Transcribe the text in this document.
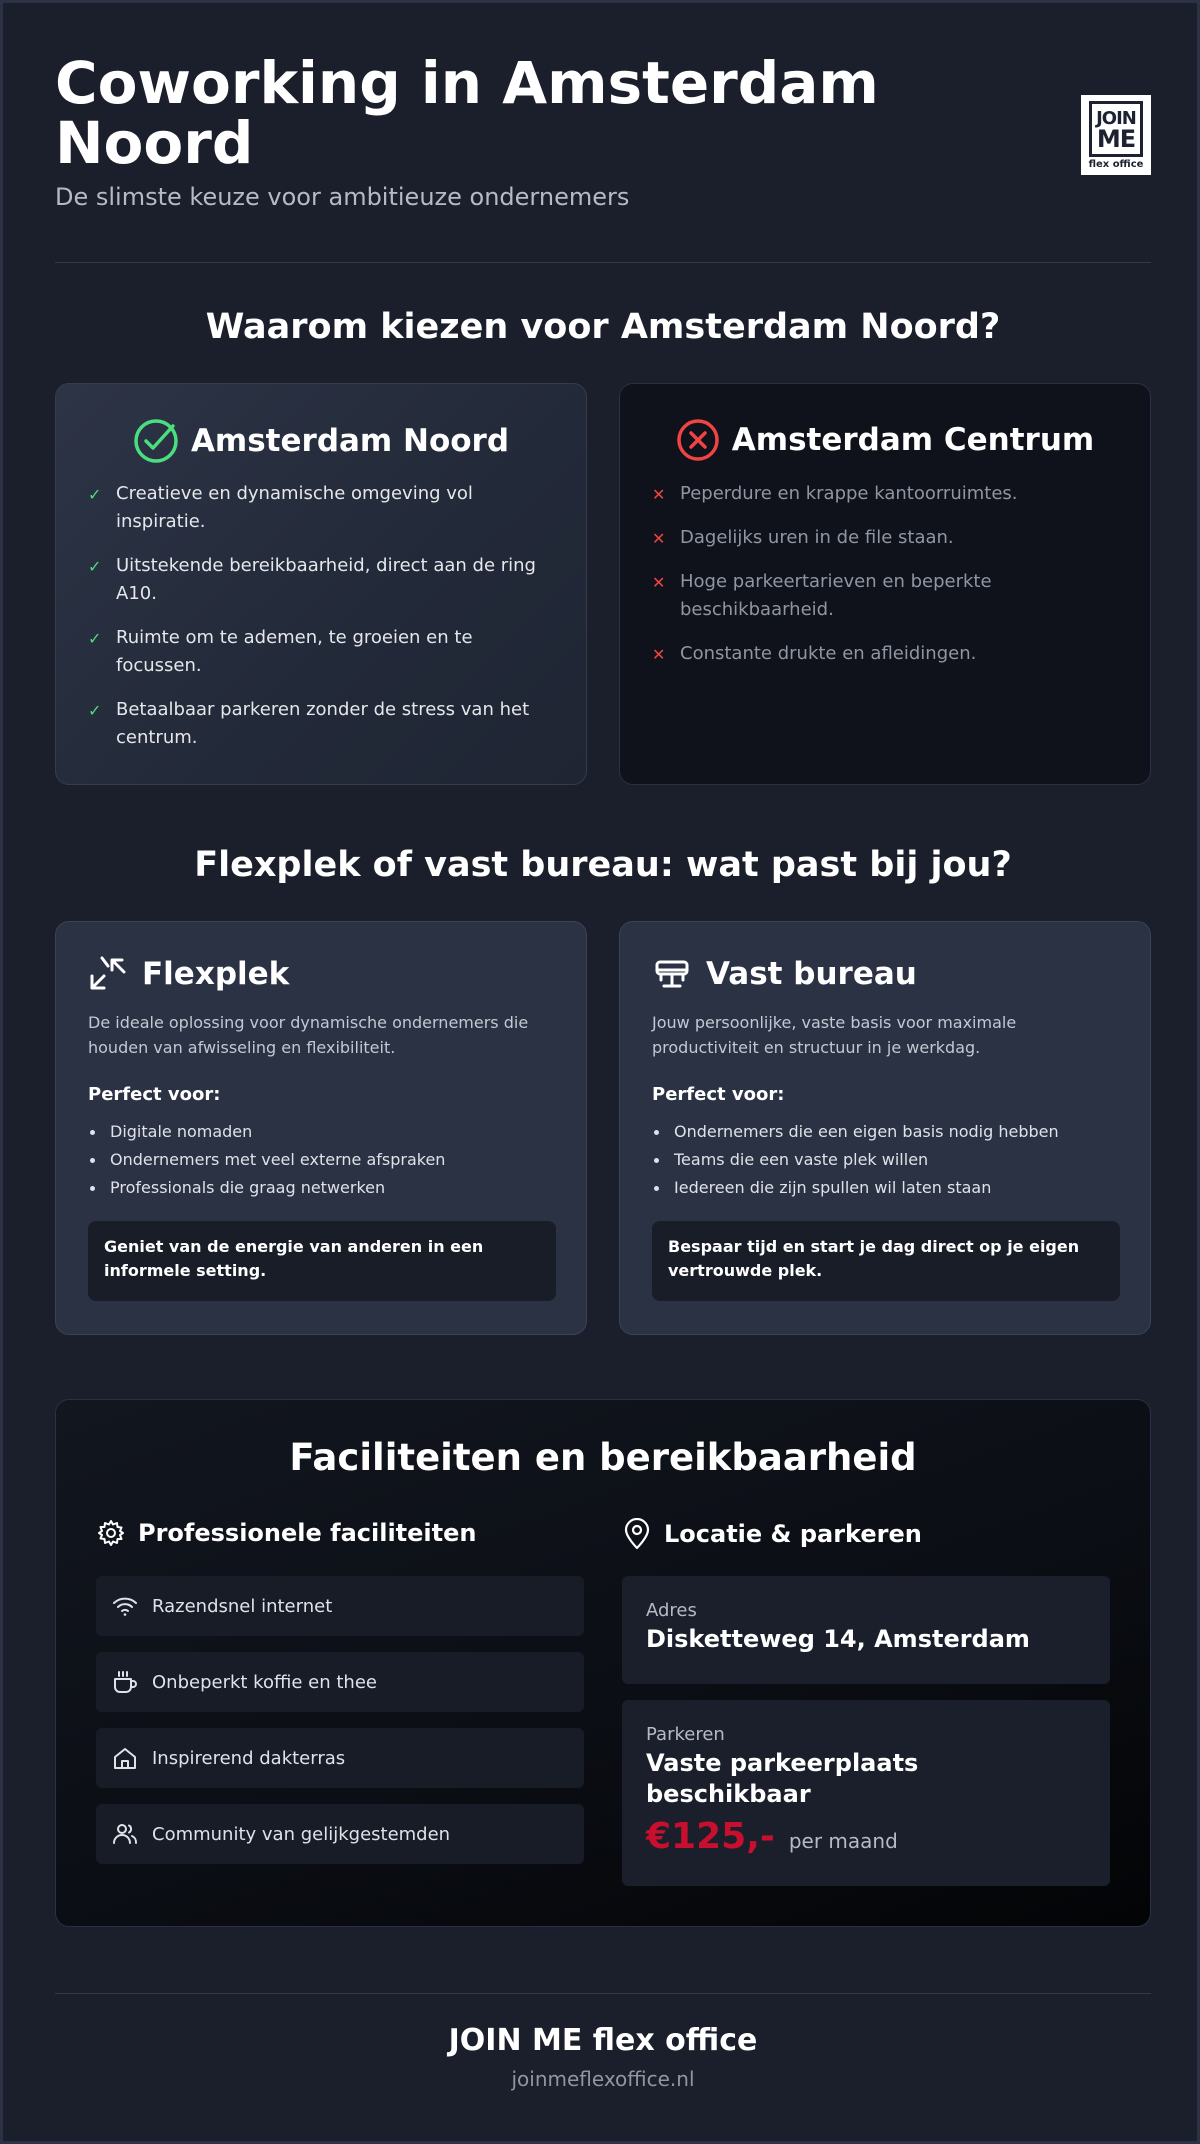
Coworking in Amsterdam Noord
De slimste keuze voor ambitieuze ondernemers
JOIN
ME
flex office
Waarom kiezen voor Amsterdam Noord?
Amsterdam Noord
✓ Creatieve en dynamische omgeving vol inspiratie.
✓ Uitstekende bereikbaarheid, direct aan de ring A10.
✓ Ruimte om te ademen, te groeien en te focussen.
✓ Betaalbaar parkeren zonder de stress van het centrum.
Amsterdam Centrum
✕ Peperdure en krappe kantoorruimtes.
✕ Dagelijks uren in de file staan.
✕ Hoge parkeertarieven en beperkte beschikbaarheid.
✕ Constante drukte en afleidingen.
Flexplek of vast bureau: wat past bij jou?
Flexplek

De ideale oplossing voor dynamische ondernemers die houden van afwisseling en flexibiliteit.

Perfect voor:
Digitale nomaden
Ondernemers met veel externe afspraken
Professionals die graag netwerken
Geniet van de energie van anderen in een informele setting.
Vast bureau

Jouw persoonlijke, vaste basis voor maximale productiviteit en structuur in je werkdag.

Perfect voor:
Ondernemers die een eigen basis nodig hebben
Teams die een vaste plek willen
Iedereen die zijn spullen wil laten staan
Bespaar tijd en start je dag direct op je eigen vertrouwde plek.
Faciliteiten en bereikbaarheid
Professionele faciliteiten	Locatie & parkeren
Razendsnel internet
Onbeperkt koffie en thee
Inspirerend dakterras
Community van gelijkgestemden
Adres
Disketteweg 14, Amsterdam
Parkeren
Vaste parkeerplaats beschikbaar
€125,- per maand
JOIN ME flex office
joinmeflexoffice.nl
